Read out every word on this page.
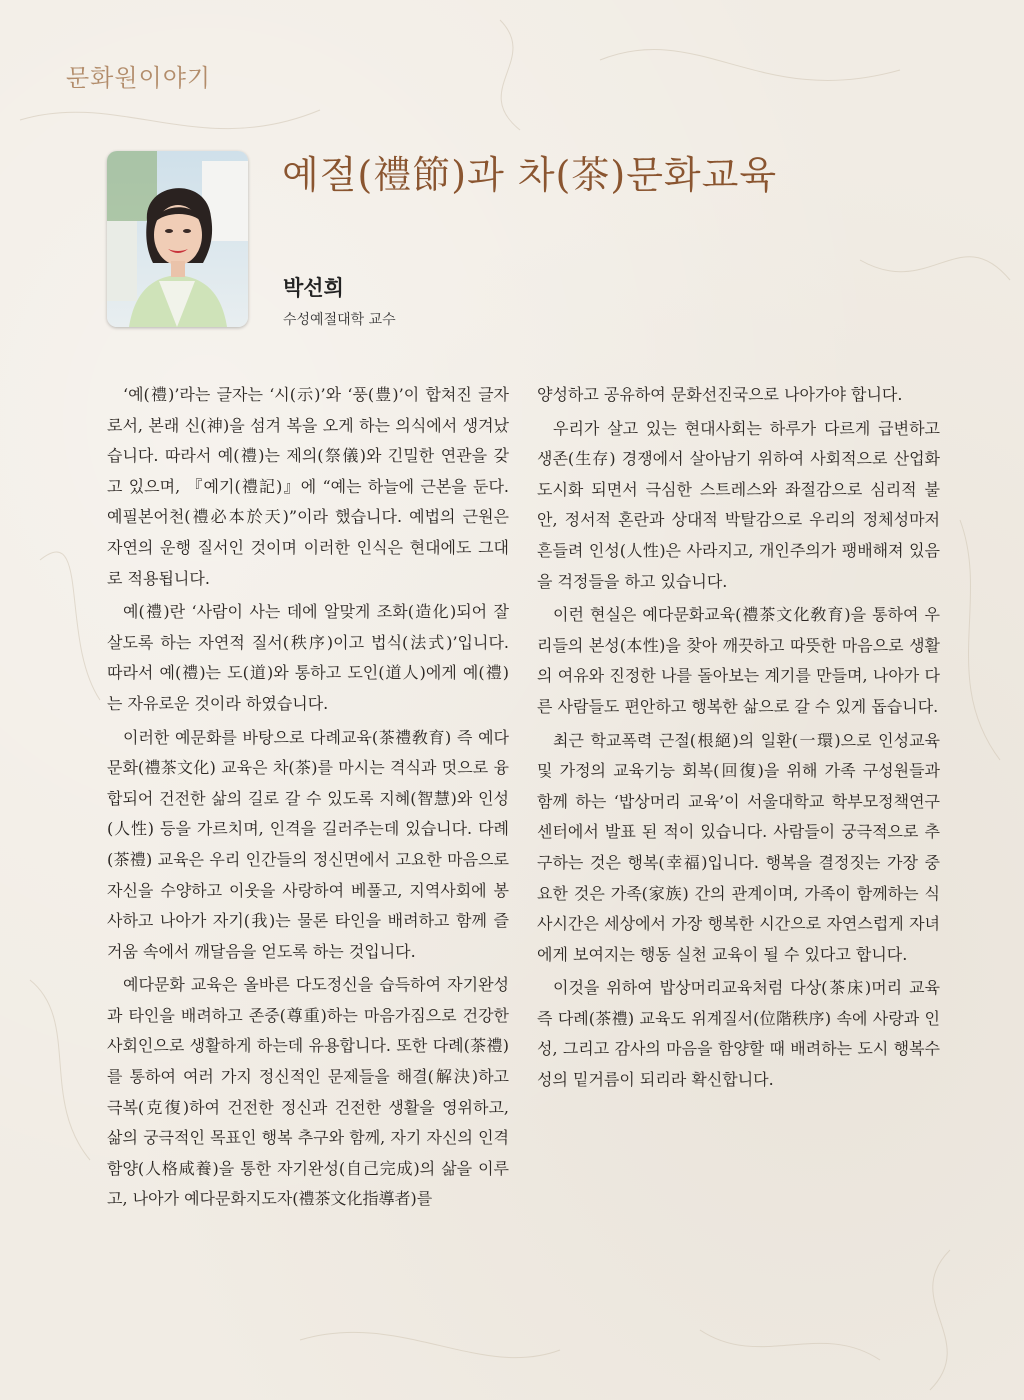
문화원이야기
예절(禮節)과 차(茶)문화교육
박선희
수성예절대학 교수

‘예(禮)’라는 글자는 ‘시(示)’와 ‘풍(豊)’이 합쳐진 글자로서, 본래 신(神)을 섬겨 복을 오게 하는 의식에서 생겨났습니다. 따라서 예(禮)는 제의(祭儀)와 긴밀한 연관을 갖고 있으며, 『예기(禮記)』에 “예는 하늘에 근본을 둔다. 예필본어천(禮必本於天)”이라 했습니다. 예법의 근원은 자연의 운행 질서인 것이며 이러한 인식은 현대에도 그대로 적용됩니다.

예(禮)란 ‘사람이 사는 데에 알맞게 조화(造化)되어 잘 살도록 하는 자연적 질서(秩序)이고 법식(法式)’입니다. 따라서 예(禮)는 도(道)와 통하고 도인(道人)에게 예(禮)는 자유로운 것이라 하였습니다.

이러한 예문화를 바탕으로 다례교육(茶禮敎育) 즉 예다문화(禮茶文化) 교육은 차(茶)를 마시는 격식과 멋으로 융합되어 건전한 삶의 길로 갈 수 있도록 지혜(智慧)와 인성(人性) 등을 가르치며, 인격을 길러주는데 있습니다. 다례(茶禮) 교육은 우리 인간들의 정신면에서 고요한 마음으로 자신을 수양하고 이웃을 사랑하여 베풀고, 지역사회에 봉사하고 나아가 자기(我)는 물론 타인을 배려하고 함께 즐거움 속에서 깨달음을 얻도록 하는 것입니다.

예다문화 교육은 올바른 다도정신을 습득하여 자기완성과 타인을 배려하고 존중(尊重)하는 마음가짐으로 건강한 사회인으로 생활하게 하는데 유용합니다. 또한 다례(茶禮)를 통하여 여러 가지 정신적인 문제들을 해결(解決)하고 극복(克復)하여 건전한 정신과 건전한 생활을 영위하고, 삶의 궁극적인 목표인 행복 추구와 함께, 자기 자신의 인격함양(人格咸養)을 통한 자기완성(自己完成)의 삶을 이루고, 나아가 예다문화지도자(禮茶文化指導者)를

양성하고 공유하여 문화선진국으로 나아가야 합니다.

우리가 살고 있는 현대사회는 하루가 다르게 급변하고 생존(生存) 경쟁에서 살아남기 위하여 사회적으로 산업화 도시화 되면서 극심한 스트레스와 좌절감으로 심리적 불안, 정서적 혼란과 상대적 박탈감으로 우리의 정체성마저 흔들려 인성(人性)은 사라지고, 개인주의가 팽배해져 있음을 걱정들을 하고 있습니다.

이런 현실은 예다문화교육(禮茶文化敎育)을 통하여 우리들의 본성(本性)을 찾아 깨끗하고 따뜻한 마음으로 생활의 여유와 진정한 나를 돌아보는 계기를 만들며, 나아가 다른 사람들도 편안하고 행복한 삶으로 갈 수 있게 돕습니다.

최근 학교폭력 근절(根絕)의 일환(一環)으로 인성교육 및 가정의 교육기능 회복(回復)을 위해 가족 구성원들과 함께 하는 ‘밥상머리 교육’이 서울대학교 학부모정책연구센터에서 발표 된 적이 있습니다. 사람들이 궁극적으로 추구하는 것은 행복(幸福)입니다. 행복을 결정짓는 가장 중요한 것은 가족(家族) 간의 관계이며, 가족이 함께하는 식사시간은 세상에서 가장 행복한 시간으로 자연스럽게 자녀에게 보여지는 행동 실천 교육이 될 수 있다고 합니다.

이것을 위하여 밥상머리교육처럼 다상(茶床)머리 교육 즉 다례(茶禮) 교육도 위계질서(位階秩序) 속에 사랑과 인성, 그리고 감사의 마음을 함양할 때 배려하는 도시 행복수성의 밑거름이 되리라 확신합니다.
